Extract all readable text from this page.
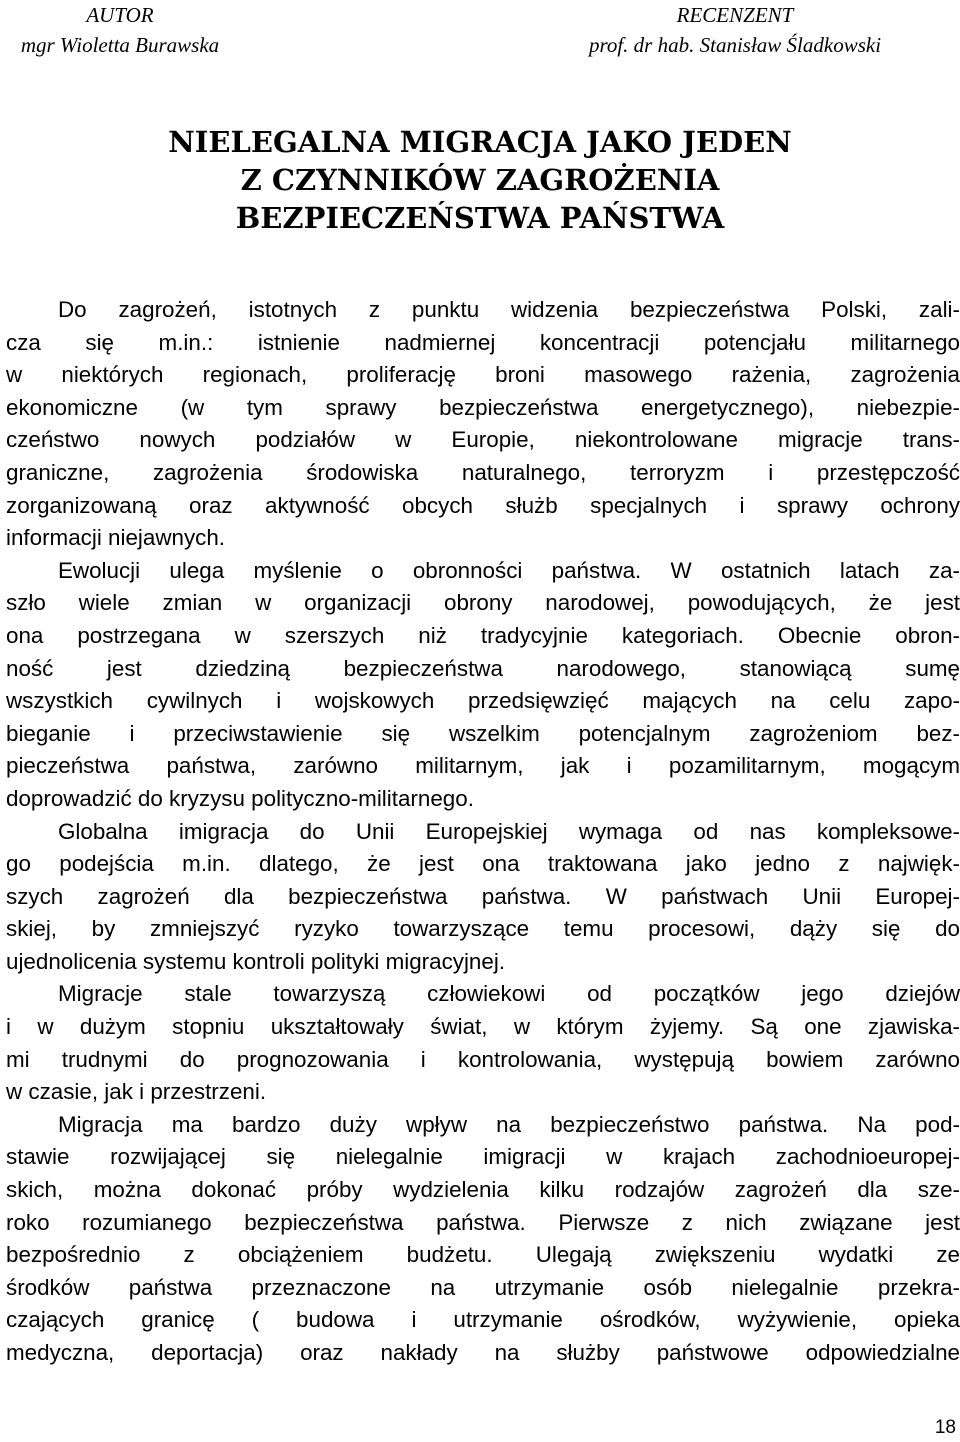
AUTOR
mgr Wioletta Burawska
RECENZENT
prof. dr hab. Stanisław Śladkowski
NIELEGALNA MIGRACJA JAKO JEDEN
Z CZYNNIKÓW ZAGROŻENIA
BEZPIECZEŃSTWA PAŃSTWA
Do zagrożeń, istotnych z punktu widzenia bezpieczeństwa Polski, zali-
cza się m.in.: istnienie nadmiernej koncentracji potencjału militarnego
w niektórych regionach, proliferację broni masowego rażenia, zagrożenia
ekonomiczne (w tym sprawy bezpieczeństwa energetycznego), niebezpie-
czeństwo nowych podziałów w Europie, niekontrolowane migracje trans-
graniczne, zagrożenia środowiska naturalnego, terroryzm i przestępczość
zorganizowaną oraz aktywność obcych służb specjalnych i sprawy ochrony
informacji niejawnych.
Ewolucji ulega myślenie o obronności państwa. W ostatnich latach za-
szło wiele zmian w organizacji obrony narodowej, powodujących, że jest
ona postrzegana w szerszych niż tradycyjnie kategoriach. Obecnie obron-
ność jest dziedziną bezpieczeństwa narodowego, stanowiącą sumę
wszystkich cywilnych i wojskowych przedsięwzięć mających na celu zapo-
bieganie i przeciwstawienie się wszelkim potencjalnym zagrożeniom bez-
pieczeństwa państwa, zarówno militarnym, jak i pozamilitarnym, mogącym
doprowadzić do kryzysu polityczno-militarnego.
Globalna imigracja do Unii Europejskiej wymaga od nas kompleksowe-
go podejścia m.in. dlatego, że jest ona traktowana jako jedno z najwięk-
szych zagrożeń dla bezpieczeństwa państwa. W państwach Unii Europej-
skiej, by zmniejszyć ryzyko towarzyszące temu procesowi, dąży się do
ujednolicenia systemu kontroli polityki migracyjnej.
Migracje stale towarzyszą człowiekowi od początków jego dziejów
i w dużym stopniu ukształtowały świat, w którym żyjemy. Są one zjawiska-
mi trudnymi do prognozowania i kontrolowania, występują bowiem zarówno
w czasie, jak i przestrzeni.
Migracja ma bardzo duży wpływ na bezpieczeństwo państwa. Na pod-
stawie rozwijającej się nielegalnie imigracji w krajach zachodnioeuropej-
skich, można dokonać próby wydzielenia kilku rodzajów zagrożeń dla sze-
roko rozumianego bezpieczeństwa państwa. Pierwsze z nich związane jest
bezpośrednio z obciążeniem budżetu. Ulegają zwiększeniu wydatki ze
środków państwa przeznaczone na utrzymanie osób nielegalnie przekra-
czających granicę ( budowa i utrzymanie ośrodków, wyżywienie, opieka
medyczna, deportacja) oraz nakłady na służby państwowe odpowiedzialne
18
